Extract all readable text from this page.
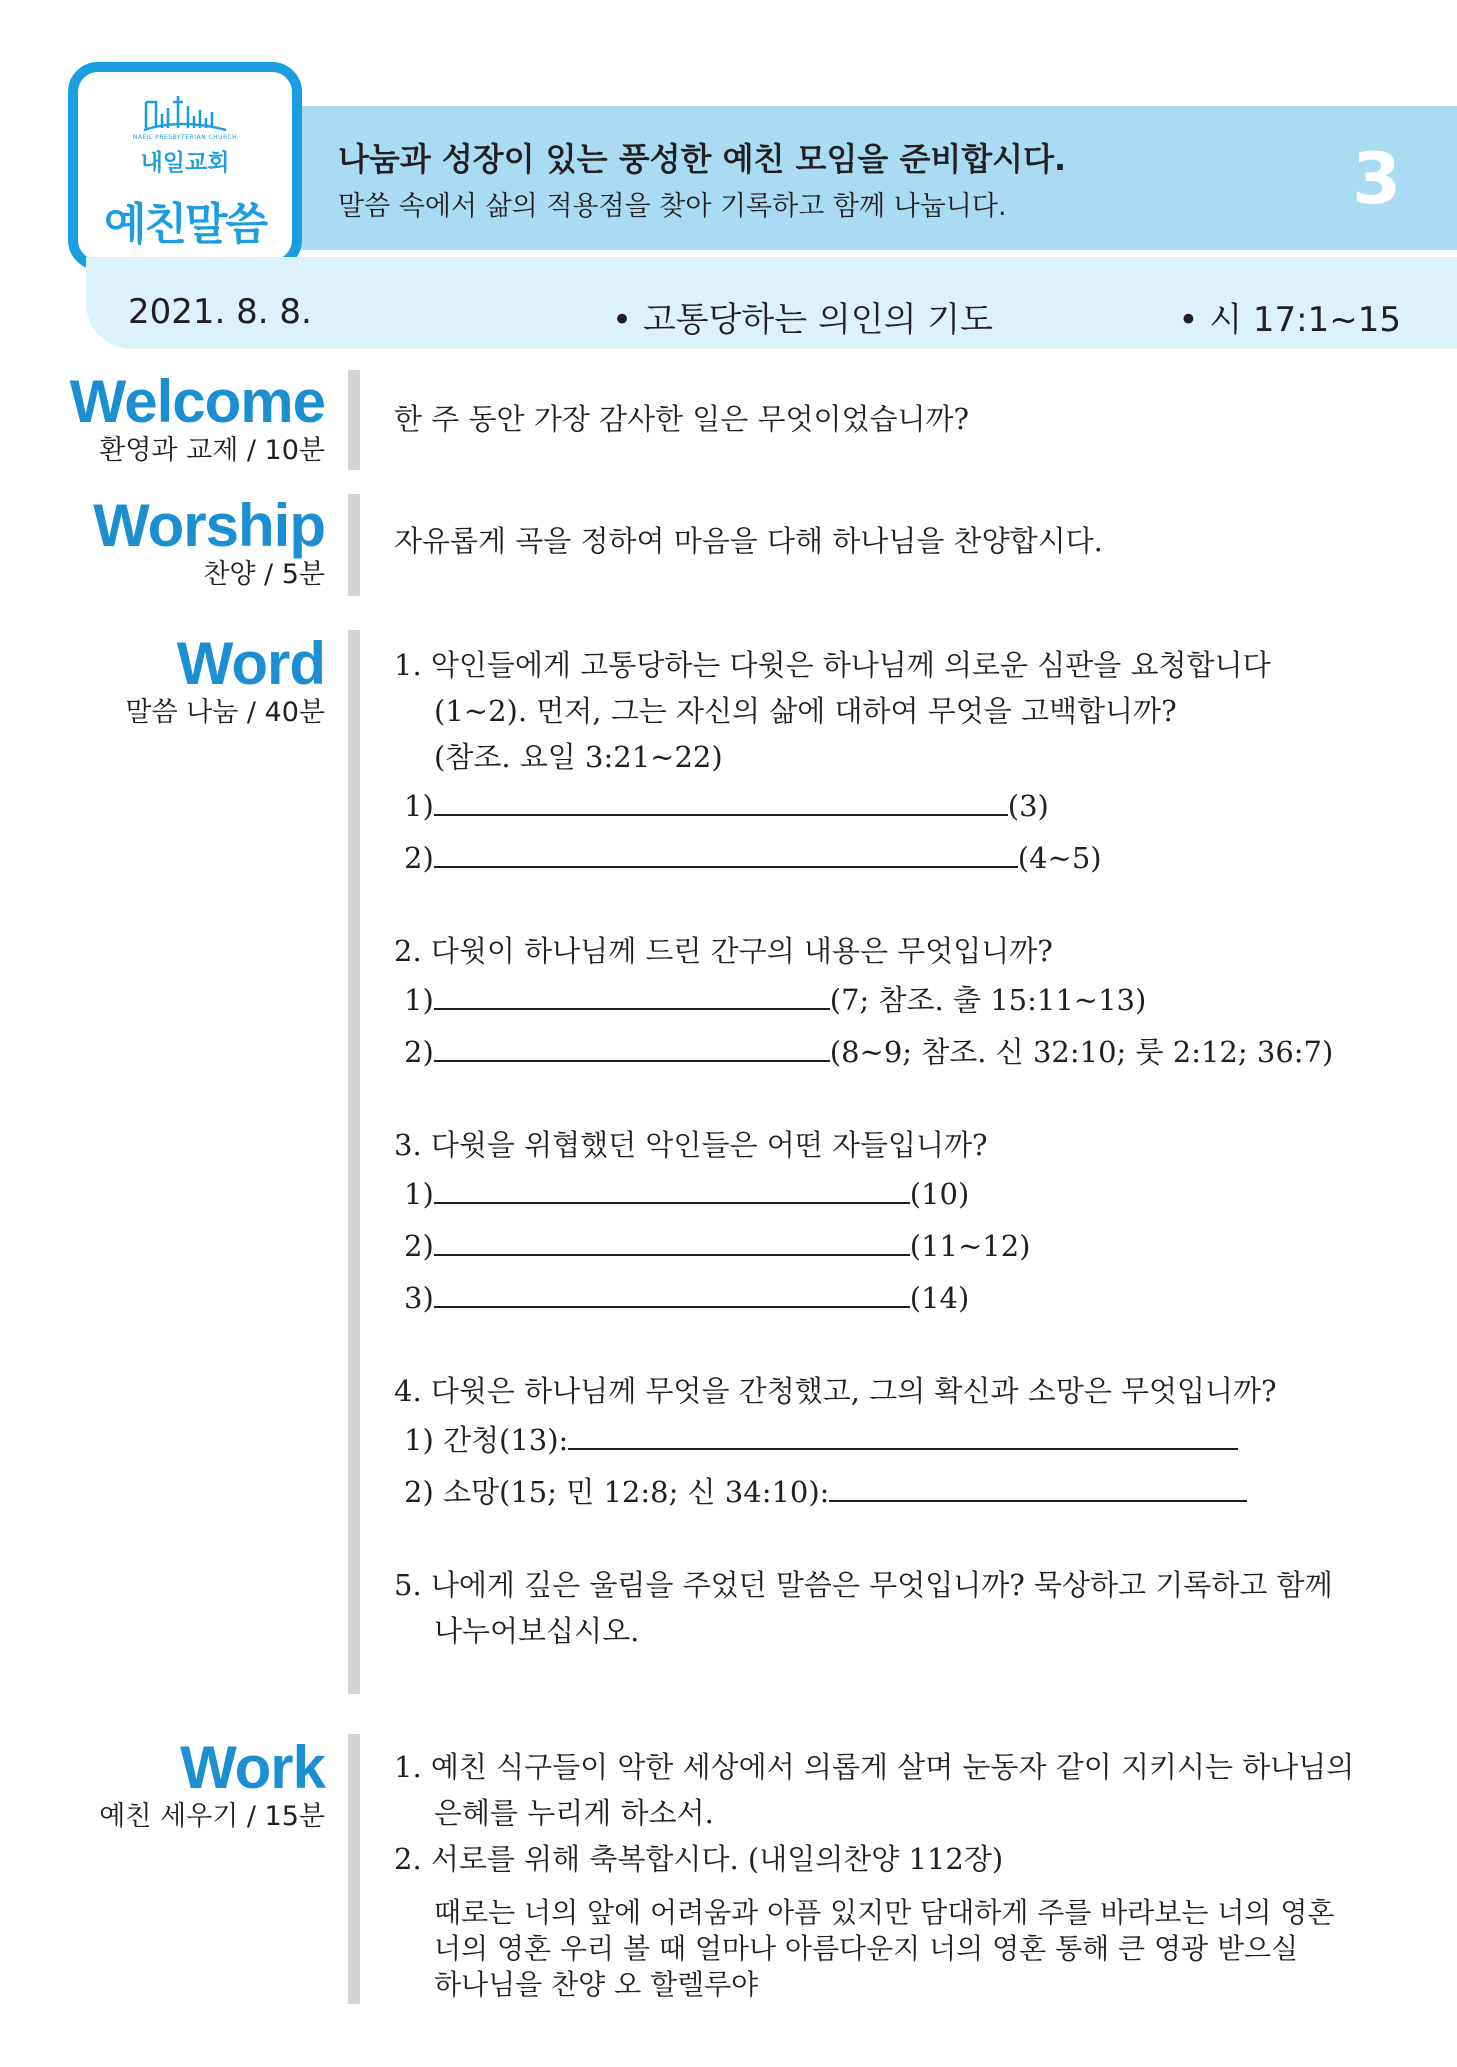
나눔과 성장이 있는 풍성한 예친 모임을 준비합시다.
말씀 속에서 삶의 적용점을 찾아 기록하고 함께 나눕니다.	3
NAEIL PRESBYTERIAN CHURCH
내일교회
예친말씀
2021. 8. 8.	• 고통당하는 의인의 기도	• 시 17:1~15
Welcome
환영과 교제 / 10분
한 주 동안 가장 감사한 일은 무엇이었습니까?
Worship
찬양 / 5분
자유롭게 곡을 정하여 마음을 다해 하나님을 찬양합시다.
Word
말씀 나눔 / 40분
1. 악인들에게 고통당하는 다윗은 하나님께 의로운 심판을 요청합니다
(1~2). 먼저, 그는 자신의 삶에 대하여 무엇을 고백합니까?
(참조. 요일 3:21~22)
1)	(3)
2)	(4~5)
2. 다윗이 하나님께 드린 간구의 내용은 무엇입니까?
1)	(7; 참조. 출 15:11~13)
2)	(8~9; 참조. 신 32:10; 룻 2:12; 36:7)
3. 다윗을 위협했던 악인들은 어떤 자들입니까?
1)	(10)
2)	(11~12)
3)	(14)
4. 다윗은 하나님께 무엇을 간청했고, 그의 확신과 소망은 무엇입니까?
1) 간청(13):
2) 소망(15; 민 12:8; 신 34:10):
5. 나에게 깊은 울림을 주었던 말씀은 무엇입니까? 묵상하고 기록하고 함께
나누어보십시오.
Work
예친 세우기 / 15분
1. 예친 식구들이 악한 세상에서 의롭게 살며 눈동자 같이 지키시는 하나님의
은혜를 누리게 하소서.
2. 서로를 위해 축복합시다. (내일의찬양 112장)
때로는 너의 앞에 어려움과 아픔 있지만 담대하게 주를 바라보는 너의 영혼
너의 영혼 우리 볼 때 얼마나 아름다운지 너의 영혼 통해 큰 영광 받으실
하나님을 찬양 오 할렐루야
